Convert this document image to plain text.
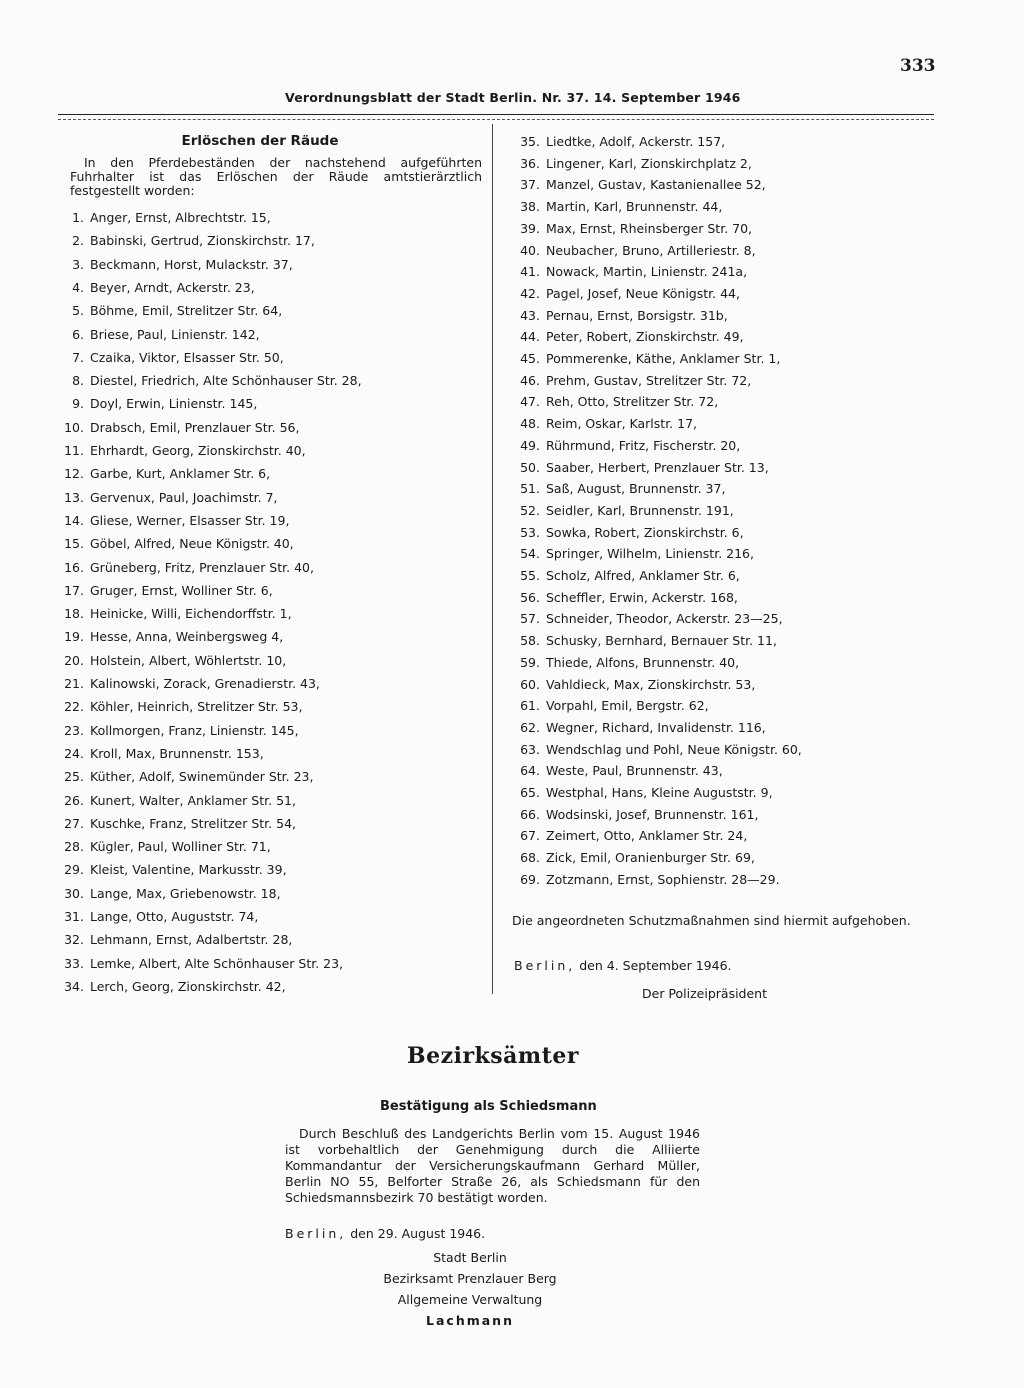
333
Verordnungsblatt der Stadt Berlin. Nr. 37. 14. September 1946
Erlöschen der Räude
In den Pferdebeständen der nachstehend aufgeführten Fuhrhalter ist das Erlöschen der Räude amtstierärztlich festgestellt worden:
1. Anger, Ernst, Albrechtstr. 15,
2. Babinski, Gertrud, Zionskirchstr. 17,
3. Beckmann, Horst, Mulackstr. 37,
4. Beyer, Arndt, Ackerstr. 23,
5. Böhme, Emil, Strelitzer Str. 64,
6. Briese, Paul, Linienstr. 142,
7. Czaika, Viktor, Elsasser Str. 50,
8. Diestel, Friedrich, Alte Schönhauser Str. 28,
9. Doyl, Erwin, Linienstr. 145,
10. Drabsch, Emil, Prenzlauer Str. 56,
11. Ehrhardt, Georg, Zionskirchstr. 40,
12. Garbe, Kurt, Anklamer Str. 6,
13. Gervenux, Paul, Joachimstr. 7,
14. Gliese, Werner, Elsasser Str. 19,
15. Göbel, Alfred, Neue Königstr. 40,
16. Grüneberg, Fritz, Prenzlauer Str. 40,
17. Gruger, Ernst, Wolliner Str. 6,
18. Heinicke, Willi, Eichendorffstr. 1,
19. Hesse, Anna, Weinbergsweg 4,
20. Holstein, Albert, Wöhlertstr. 10,
21. Kalinowski, Zorack, Grenadierstr. 43,
22. Köhler, Heinrich, Strelitzer Str. 53,
23. Kollmorgen, Franz, Linienstr. 145,
24. Kroll, Max, Brunnenstr. 153,
25. Küther, Adolf, Swinemünder Str. 23,
26. Kunert, Walter, Anklamer Str. 51,
27. Kuschke, Franz, Strelitzer Str. 54,
28. Kügler, Paul, Wolliner Str. 71,
29. Kleist, Valentine, Markusstr. 39,
30. Lange, Max, Griebenowstr. 18,
31. Lange, Otto, Auguststr. 74,
32. Lehmann, Ernst, Adalbertstr. 28,
33. Lemke, Albert, Alte Schönhauser Str. 23,
34. Lerch, Georg, Zionskirchstr. 42,
35. Liedtke, Adolf, Ackerstr. 157,
36. Lingener, Karl, Zionskirchplatz 2,
37. Manzel, Gustav, Kastanienallee 52,
38. Martin, Karl, Brunnenstr. 44,
39. Max, Ernst, Rheinsberger Str. 70,
40. Neubacher, Bruno, Artilleriestr. 8,
41. Nowack, Martin, Linienstr. 241a,
42. Pagel, Josef, Neue Königstr. 44,
43. Pernau, Ernst, Borsigstr. 31b,
44. Peter, Robert, Zionskirchstr. 49,
45. Pommerenke, Käthe, Anklamer Str. 1,
46. Prehm, Gustav, Strelitzer Str. 72,
47. Reh, Otto, Strelitzer Str. 72,
48. Reim, Oskar, Karlstr. 17,
49. Rührmund, Fritz, Fischerstr. 20,
50. Saaber, Herbert, Prenzlauer Str. 13,
51. Saß, August, Brunnenstr. 37,
52. Seidler, Karl, Brunnenstr. 191,
53. Sowka, Robert, Zionskirchstr. 6,
54. Springer, Wilhelm, Linienstr. 216,
55. Scholz, Alfred, Anklamer Str. 6,
56. Scheffler, Erwin, Ackerstr. 168,
57. Schneider, Theodor, Ackerstr. 23—25,
58. Schusky, Bernhard, Bernauer Str. 11,
59. Thiede, Alfons, Brunnenstr. 40,
60. Vahldieck, Max, Zionskirchstr. 53,
61. Vorpahl, Emil, Bergstr. 62,
62. Wegner, Richard, Invalidenstr. 116,
63. Wendschlag und Pohl, Neue Königstr. 60,
64. Weste, Paul, Brunnenstr. 43,
65. Westphal, Hans, Kleine Auguststr. 9,
66. Wodsinski, Josef, Brunnenstr. 161,
67. Zeimert, Otto, Anklamer Str. 24,
68. Zick, Emil, Oranienburger Str. 69,
69. Zotzmann, Ernst, Sophienstr. 28—29.
Die angeordneten Schutzmaßnahmen sind hiermit aufgehoben.
Berlin, den 4. September 1946.
Der Polizeipräsident
Bezirksämter
Bestätigung als Schiedsmann
Durch Beschluß des Landgerichts Berlin vom 15. August 1946 ist vorbehaltlich der Genehmigung durch die Alliierte Kommandantur der Versicherungskaufmann Gerhard Müller, Berlin NO 55, Belforter Straße 26, als Schiedsmann für den Schiedsmannsbezirk 70 bestätigt worden.
Berlin, den 29. August 1946.
Stadt Berlin
Bezirksamt Prenzlauer Berg
Allgemeine Verwaltung
Lachmann
